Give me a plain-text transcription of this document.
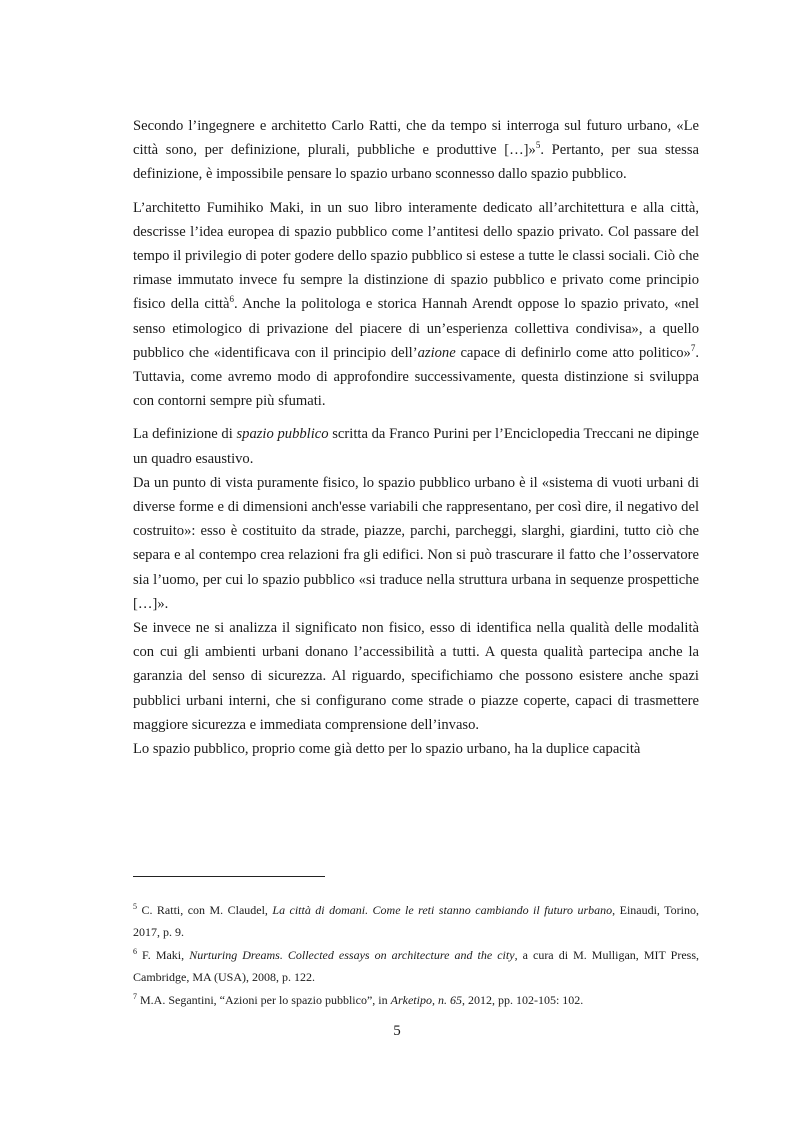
Secondo l’ingegnere e architetto Carlo Ratti, che da tempo si interroga sul futuro urbano, «Le città sono, per definizione, plurali, pubbliche e produttive […]»$^5$. Pertanto, per sua stessa definizione, è impossibile pensare lo spazio urbano sconnesso dallo spazio pubblico.

L’architetto Fumihiko Maki, in un suo libro interamente dedicato all’architettura e alla città, descrisse l’idea europea di spazio pubblico come l’antitesi dello spazio privato. Col passare del tempo il privilegio di poter godere dello spazio pubblico si estese a tutte le classi sociali. Ciò che rimase immutato invece fu sempre la distinzione di spazio pubblico e privato come principio fisico della città$^6$. Anche la politologa e storica Hannah Arendt oppose lo spazio privato, «nel senso etimologico di privazione del piacere di un’esperienza collettiva condivisa», a quello pubblico che «identificava con il principio dell’azione capace di definirlo come atto politico»$^7$. Tuttavia, come avremo modo di approfondire successivamente, questa distinzione si sviluppa con contorni sempre più sfumati.

La definizione di spazio pubblico scritta da Franco Purini per l’Enciclopedia Treccani ne dipinge un quadro esaustivo.

Da un punto di vista puramente fisico, lo spazio pubblico urbano è il «sistema di vuoti urbani di diverse forme e di dimensioni anch'esse variabili che rappresentano, per così dire, il negativo del costruito»: esso è costituito da strade, piazze, parchi, parcheggi, slarghi, giardini, tutto ciò che separa e al contempo crea relazioni fra gli edifici. Non si può trascurare il fatto che l’osservatore sia l’uomo, per cui lo spazio pubblico «si traduce nella struttura urbana in sequenze prospettiche […]».

Se invece ne si analizza il significato non fisico, esso di identifica nella qualità delle modalità con cui gli ambienti urbani donano l’accessibilità a tutti. A questa qualità partecipa anche la garanzia del senso di sicurezza. Al riguardo, specifichiamo che possono esistere anche spazi pubblici urbani interni, che si configurano come strade o piazze coperte, capaci di trasmettere maggiore sicurezza e immediata comprensione dell’invaso.

Lo spazio pubblico, proprio come già detto per lo spazio urbano, ha la duplice capacità

$^5$ C. Ratti, con M. Claudel, La città di domani. Come le reti stanno cambiando il futuro urbano, Einaudi, Torino, 2017, p. 9.

$^6$ F. Maki, Nurturing Dreams. Collected essays on architecture and the city, a cura di M. Mulligan, MIT Press, Cambridge, MA (USA), 2008, p. 122.

$^7$ M.A. Segantini, “Azioni per lo spazio pubblico”, in Arketipo, n. 65, 2012, pp. 102-105: 102.

5
